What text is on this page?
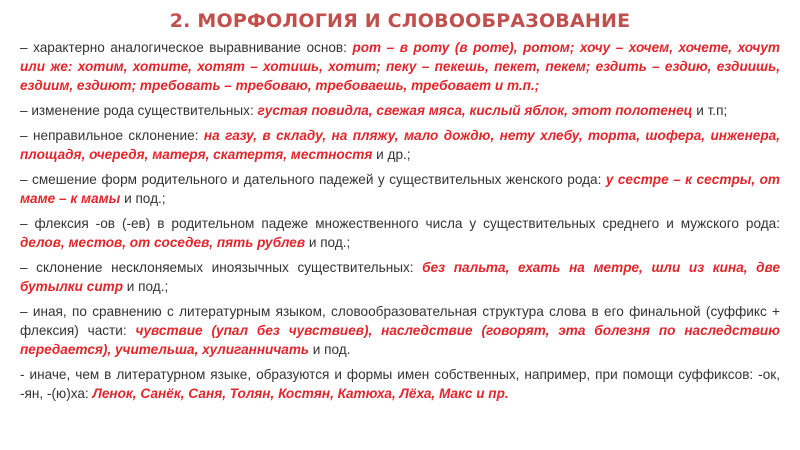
2. МОРФОЛОГИЯ И СЛОВООБРАЗОВАНИЕ

– характерно аналогическое выравнивание основ: рот – в роту (в роте), ротом; хочу – хочем, хочете, хочут или же: хотим, хотите, хотят – хотишь, хотит; пеку – пекешь, пекет, пекем; ездить – ездию, ездиишь, ездиим, ездиют; требовать – требоваю, требоваешь, требовает и т.п.;

– изменение рода существительных: густая повидла, свежая мяса, кислый яблок, этот полотенец и т.п;

– неправильное склонение: на газу, в складу, на пляжу, мало дождю, нету хлебу, торта, шофера, инженера, площадя, очередя, матеря, скатертя, местностя и др.;

– смешение форм родительного и дательного падежей у существительных женского рода: у сестре – к сестры, от маме – к мамы и под.;

– флексия -ов (-ев) в родительном падеже множественного числа у существительных среднего и мужского рода: делов, местов, от соседев, пять рублев и под.;

– склонение несклоняемых иноязычных существительных: без пальта, ехать на метре, шли из кина, две бутылки ситр и под.;

– иная, по сравнению с литературным языком, словообразовательная структура слова в его финальной (суффикс + флексия) части: чувствие (упал без чувствиев), наследствие (говорят, эта болезня по наследствию передается), учительша, хулиганничать и под.

- иначе, чем в литературном языке, образуются и формы имен собственных, например, при помощи суффиксов: -ок, -ян, -(ю)ха: Ленок, Санёк, Саня, Толян, Костян, Катюха, Лёха, Макс и пр.
